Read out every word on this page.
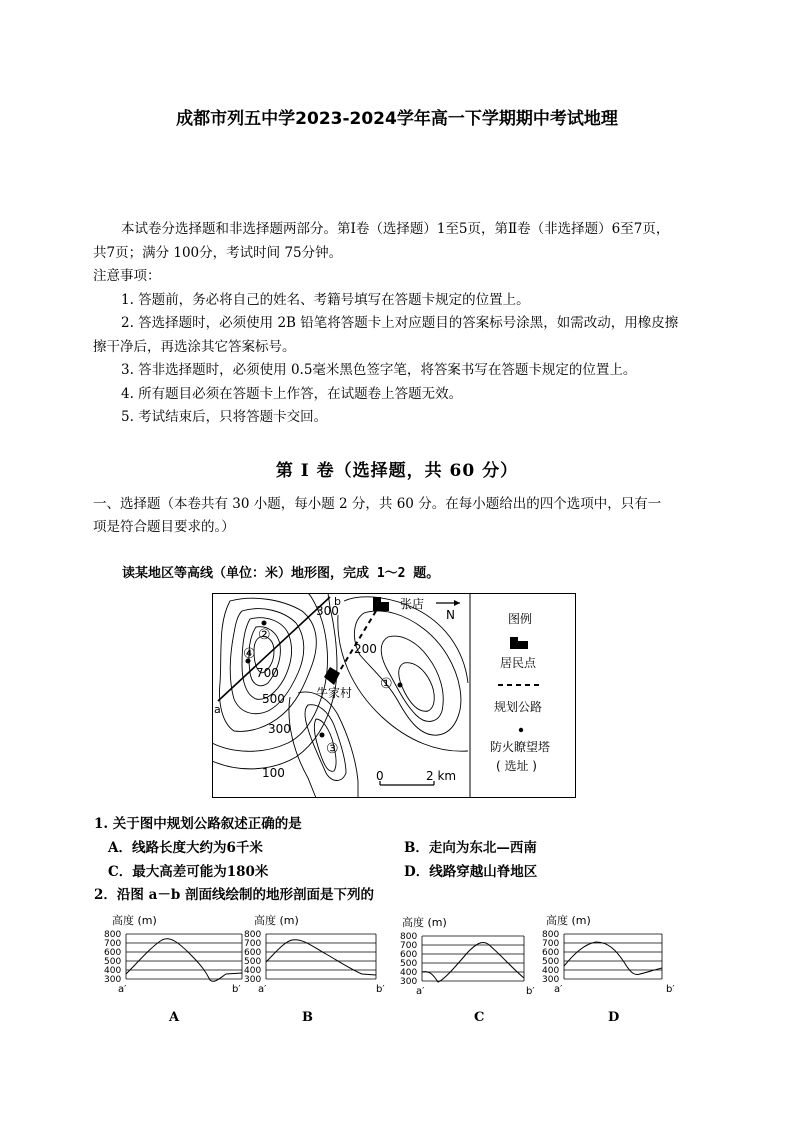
成都市列五中学2023-2024学年高一下学期期中考试地理
本试卷分选择题和非选择题两部分。第Ⅰ卷（选择题）1至5页，第Ⅱ卷（非选择题）6至7页，
共7页；满分 100分，考试时间 75分钟。
注意事项：
1. 答题前，务必将自己的姓名、考籍号填写在答题卡规定的位置上。
2. 答选择题时，必须使用 2B 铅笔将答题卡上对应题目的答案标号涂黑，如需改动，用橡皮擦
擦干净后，再选涂其它答案标号。
3. 答非选择题时，必须使用 0.5毫米黑色签字笔，将答案书写在答题卡规定的位置上。
4. 所有题目必须在答题卡上作答，在试题卷上答题无效。
5. 考试结束后，只将答题卡交回。
第 Ⅰ 卷（选择题，共 60 分）
一、选择题（本卷共有 30 小题，每小题 2 分，共 60 分。在每小题给出的四个选项中，只有一
项是符合题目要求的。）
读某地区等高线（单位：米）地形图，完成 1～2 题。
300
200
700
500
300
100
a
b
②
①
③
④
张店
牛家村
N
0	2 km
图例
居民点
规划公路
防火瞭望塔
( 选址 )
1. 关于图中规划公路叙述正确的是
A．线路长度大约为6千米	B．走向为东北—西南
C．最大高差可能为180米	D．线路穿越山脊地区
2．沿图 a－b 剖面线绘制的地形剖面是下列的
高度 (m)
800
700
600
500
400
300
a′	b′
A
高度 (m)
800
700
600
500
400
300
a′	b′
B
高度 (m)
800
700
600
500
400
300
a′	b′
C
高度 (m)
800
700
600
500
400
300
a′	b′
D
